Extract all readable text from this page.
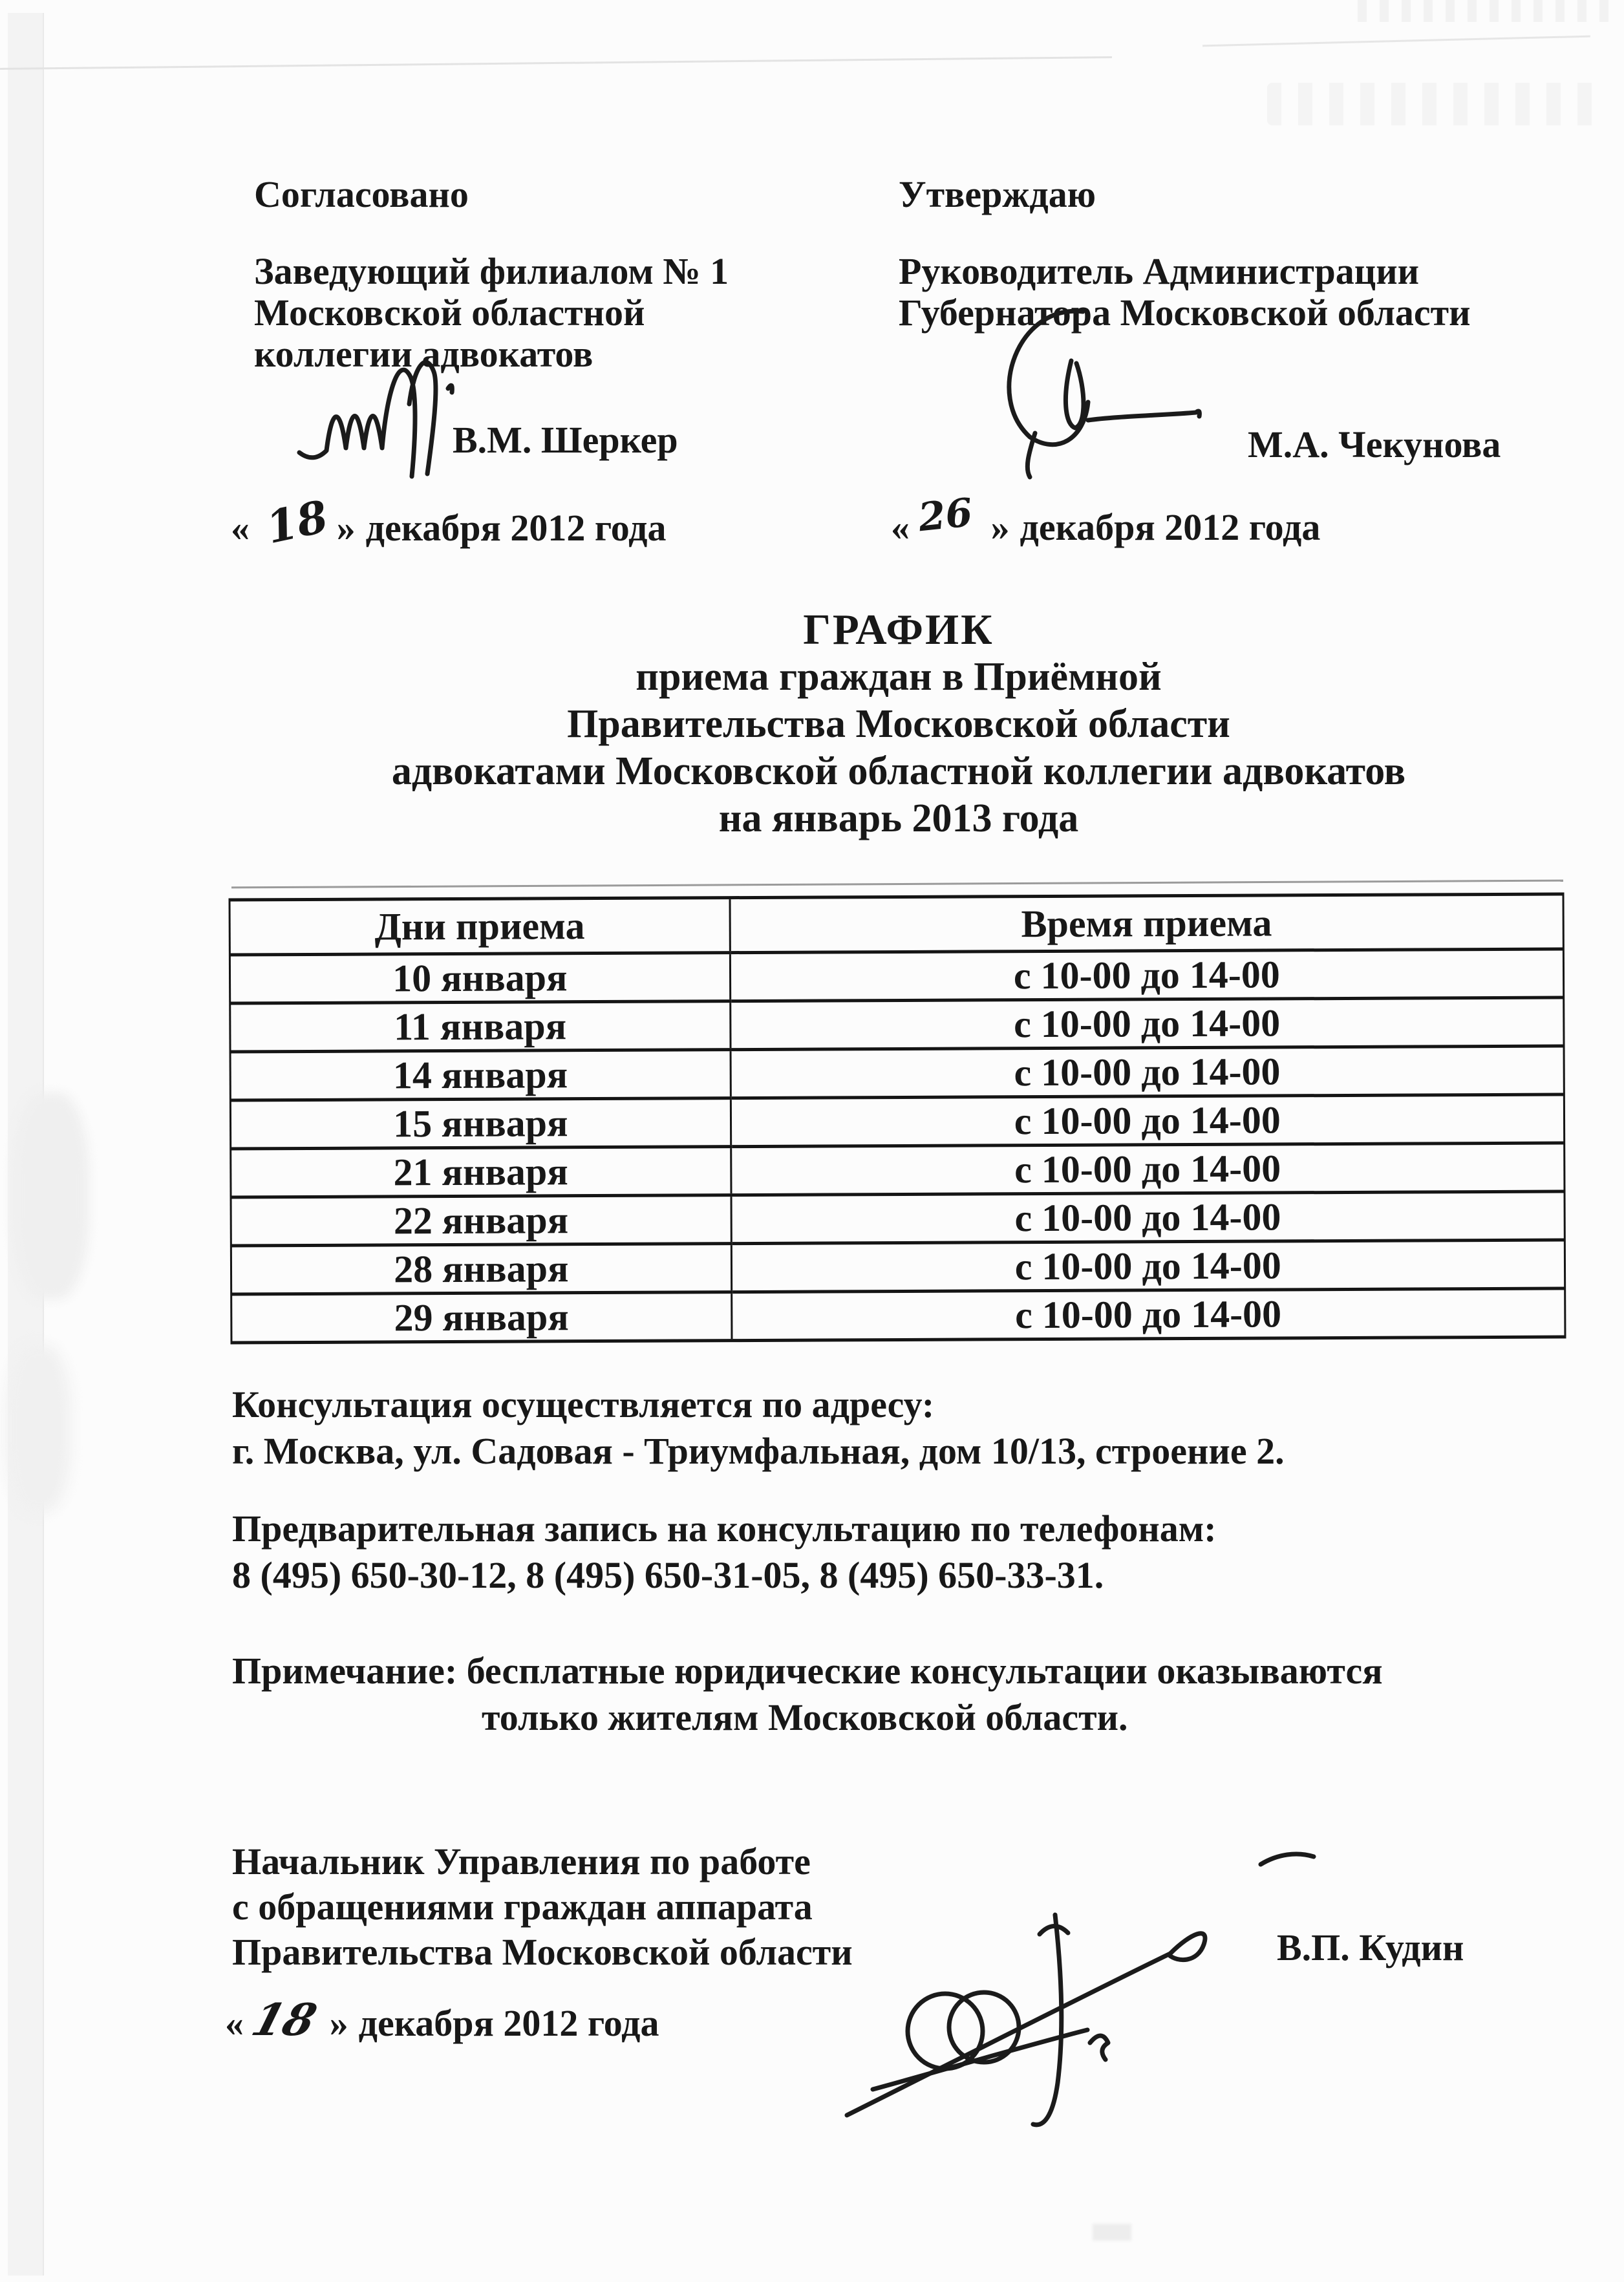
Согласовано
Заведующий филиалом № 1
Московской областной
коллегии адвокатов
В.М. Шеркер
« 18 » декабря 2012 года
Утверждаю
Руководитель Администрации
Губернатора Московской области
М.А. Чекунова
« 26 » декабря 2012 года
ГРАФИК
приема граждан в Приёмной
Правительства Московской области
адвокатами Московской областной коллегии адвокатов
на январь 2013 года
Дни приема	Время приема
10 января	с 10-00 до 14-00
11 января	с 10-00 до 14-00
14 января	с 10-00 до 14-00
15 января	с 10-00 до 14-00
21 января	с 10-00 до 14-00
22 января	с 10-00 до 14-00
28 января	с 10-00 до 14-00
29 января	с 10-00 до 14-00
Консультация осуществляется по адресу:
г. Москва, ул. Садовая - Триумфальная, дом 10/13, строение 2.
Предварительная запись на консультацию по телефонам:
8 (495) 650-30-12, 8 (495) 650-31-05, 8 (495) 650-33-31.
Примечание: бесплатные юридические консультации оказываются
только жителям Московской области.
Начальник Управления по работе
с обращениями граждан аппарата
Правительства Московской области	В.П. Кудин
« 18 » декабря 2012 года
